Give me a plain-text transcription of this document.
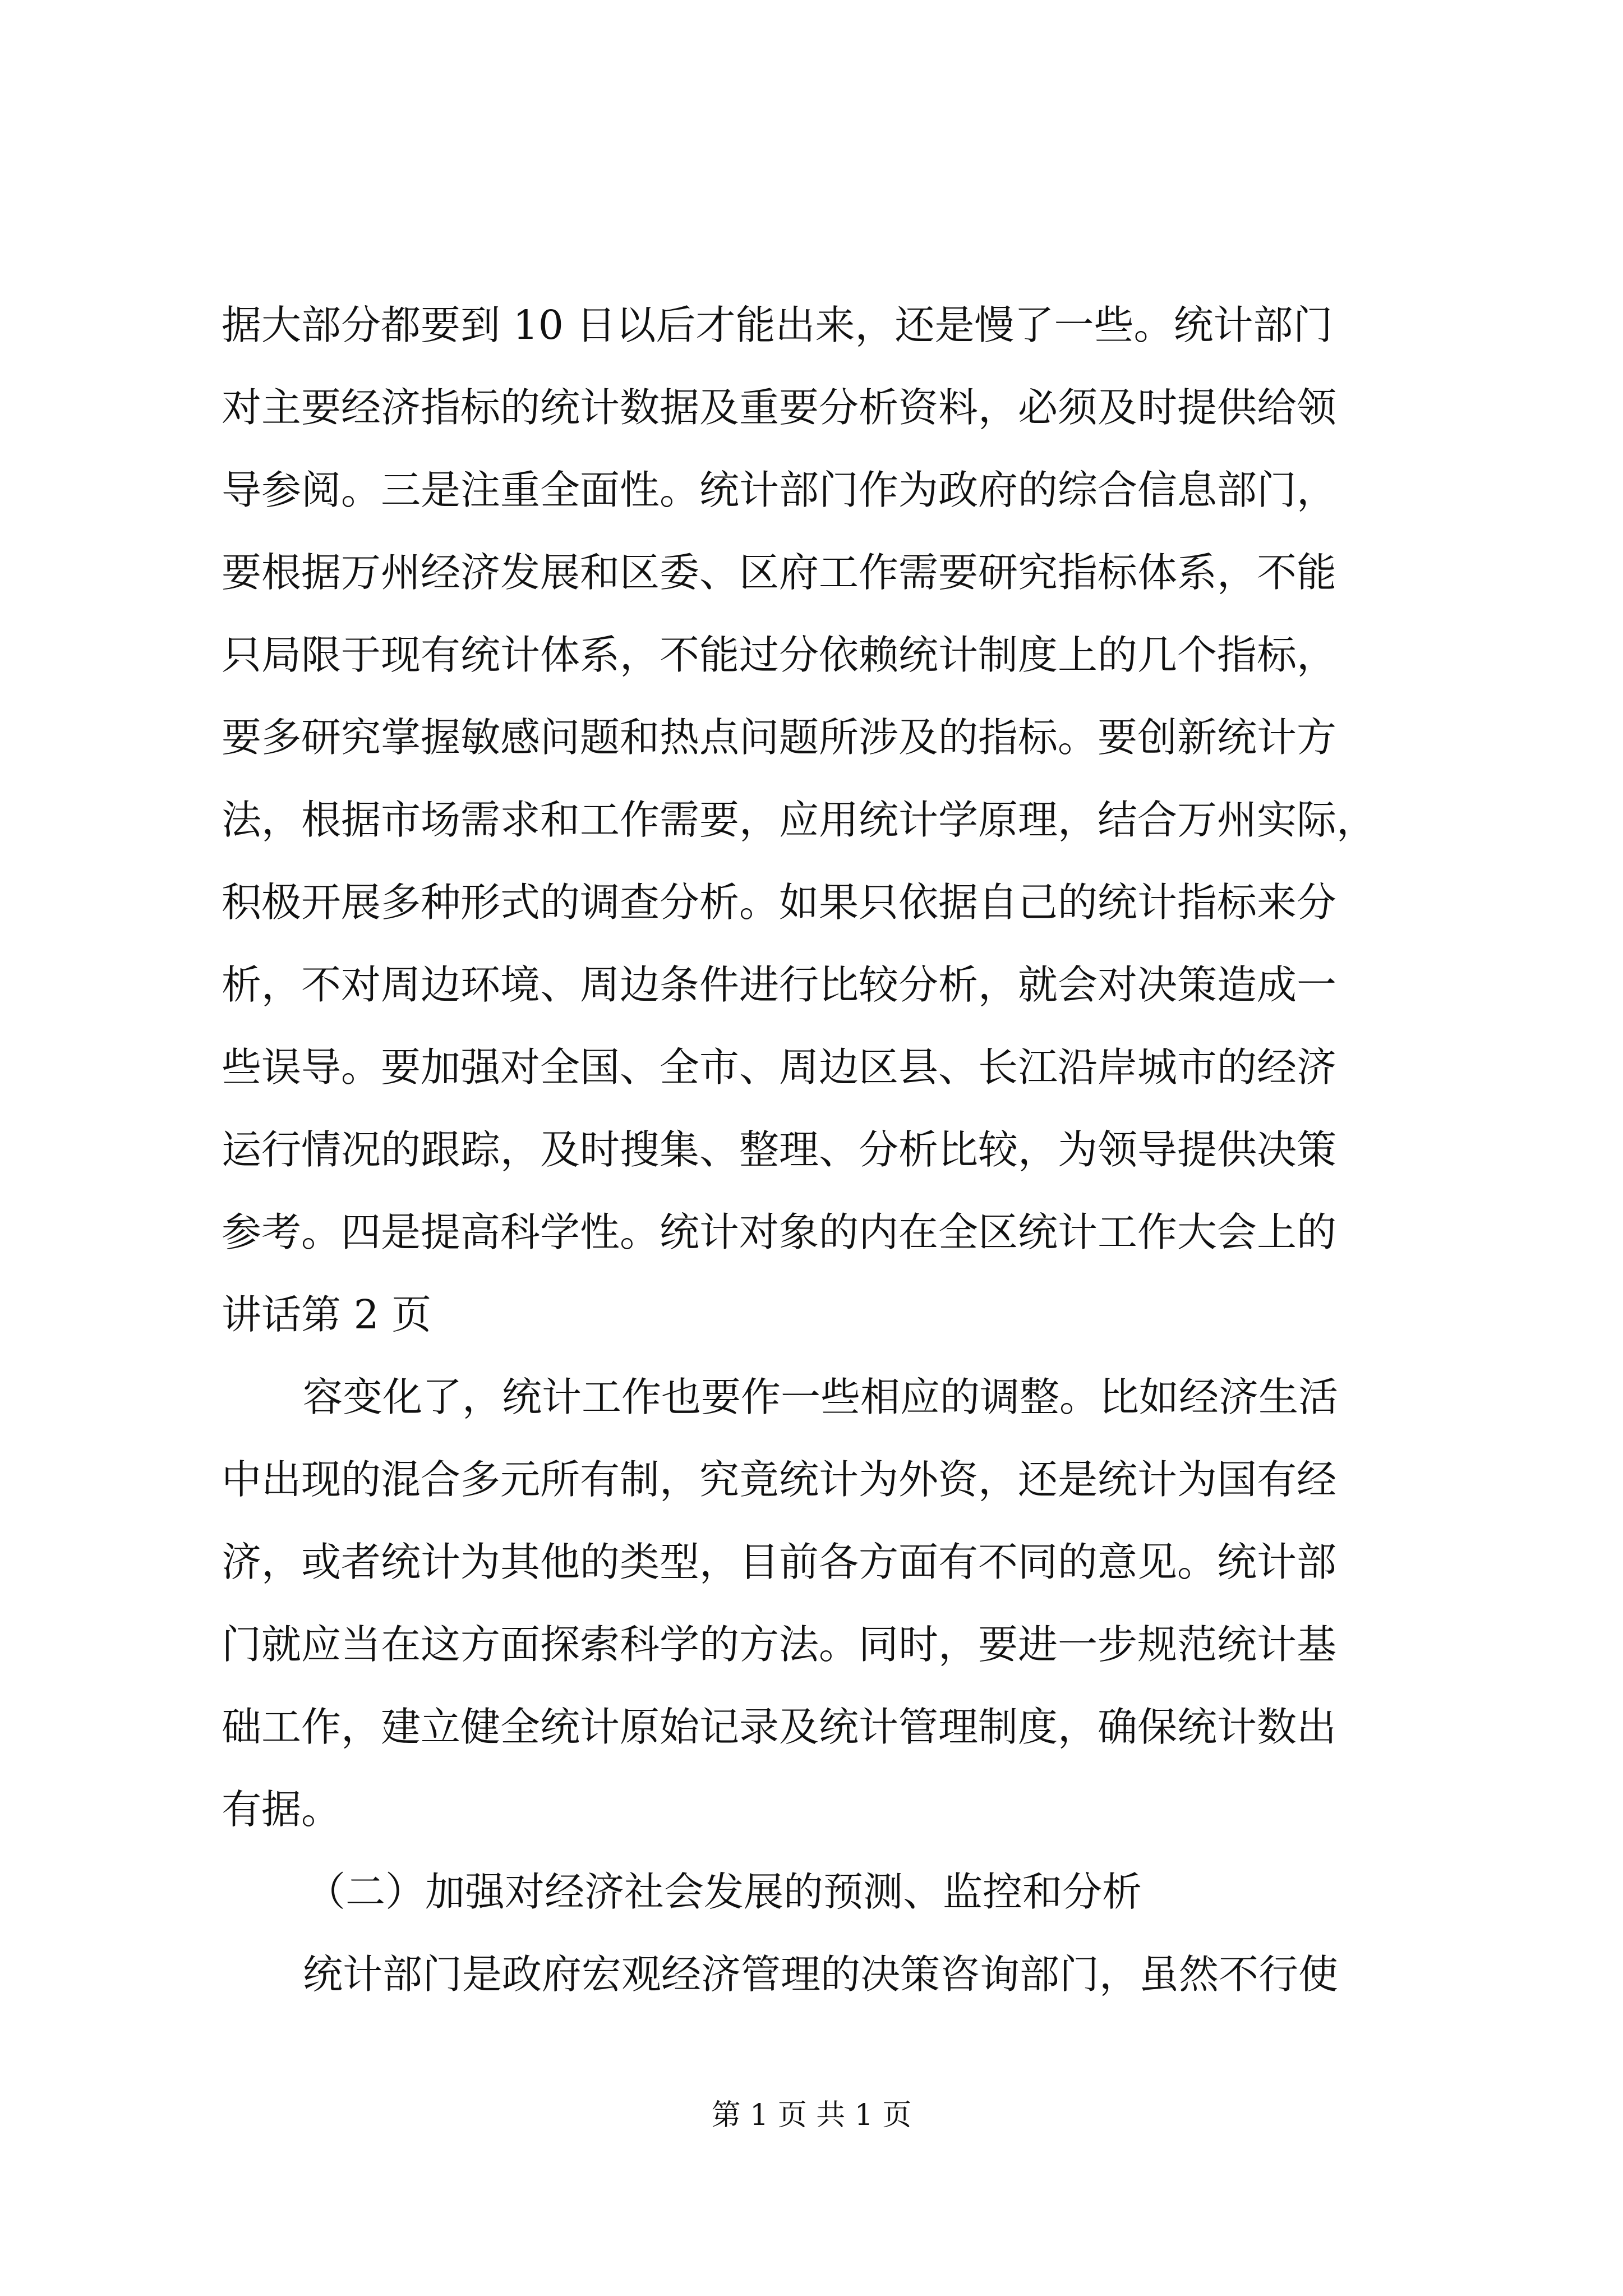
据大部分都要到 10 日以后才能出来，还是慢了一些。统计部门
对主要经济指标的统计数据及重要分析资料，必须及时提供给领
导参阅。三是注重全面性。统计部门作为政府的综合信息部门，
要根据万州经济发展和区委、区府工作需要研究指标体系，不能
只局限于现有统计体系，不能过分依赖统计制度上的几个指标，
要多研究掌握敏感问题和热点问题所涉及的指标。要创新统计方
法，根据市场需求和工作需要，应用统计学原理，结合万州实际，
积极开展多种形式的调查分析。如果只依据自己的统计指标来分
析，不对周边环境、周边条件进行比较分析，就会对决策造成一
些误导。要加强对全国、全市、周边区县、长江沿岸城市的经济
运行情况的跟踪，及时搜集、整理、分析比较，为领导提供决策
参考。四是提高科学性。统计对象的内在全区统计工作大会上的
讲话第 2 页
容变化了，统计工作也要作一些相应的调整。比如经济生活
中出现的混合多元所有制，究竟统计为外资，还是统计为国有经
济，或者统计为其他的类型，目前各方面有不同的意见。统计部
门就应当在这方面探索科学的方法。同时，要进一步规范统计基
础工作，建立健全统计原始记录及统计管理制度，确保统计数出
有据。
（二）加强对经济社会发展的预测、监控和分析
统计部门是政府宏观经济管理的决策咨询部门，虽然不行使
第 1 页 共 1 页
